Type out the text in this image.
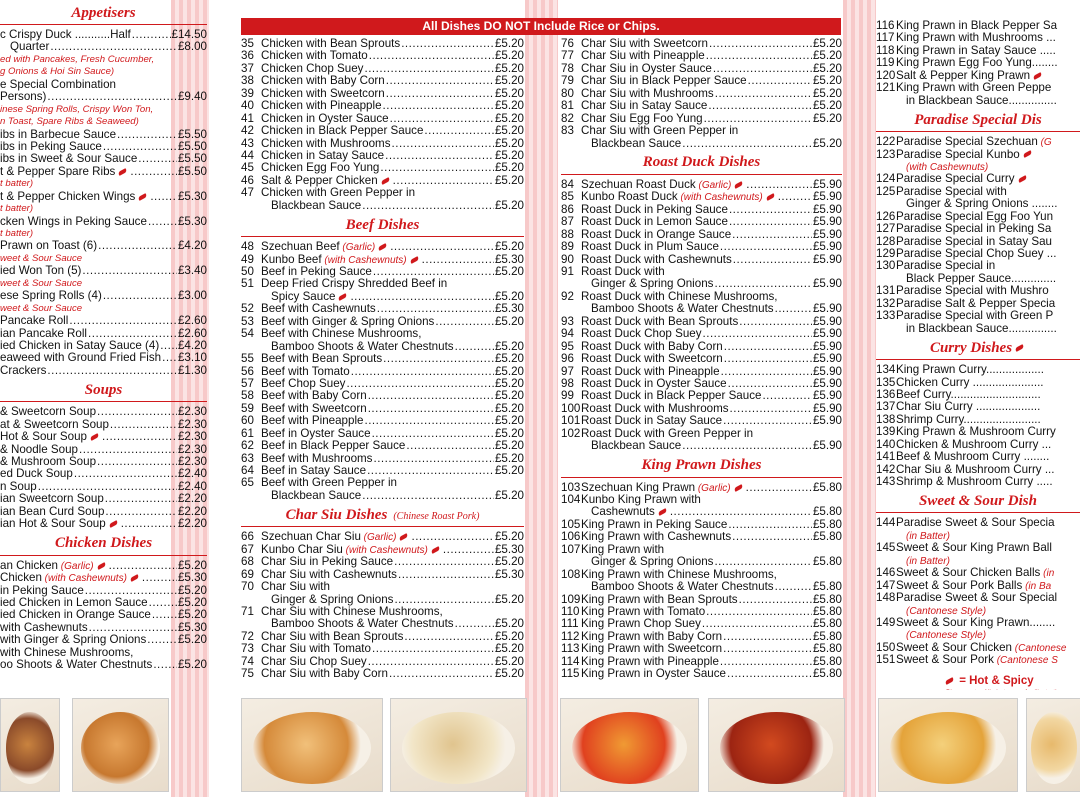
Appetisers
c Crispy Duck ...........Half .....	£14.50
Quarter .....	£8.00
ed with Pancakes, Fresh Cucumber,
g Onions & Hoi Sin Sauce)
e Special Combination
Persons) .....	£9.40
inese Spring Rolls, Crispy Won Ton,
n Toast, Spare Ribs & Seaweed)
ibs in Barbecue Sauce .....	£5.50
ibs in Peking Sauce .....	£5.50
ibs in Sweet & Sour Sauce .....	£5.50
t & Pepper Spare Ribs .....	£5.50
t batter)
t & Pepper Chicken Wings .....	£5.30
t batter)
cken Wings in Peking Sauce .....	£5.30
t batter)
Prawn on Toast (6) .....	£4.20
weet & Sour Sauce
ied Won Ton (5) .....	£3.40
weet & Sour Sauce
ese Spring Rolls (4) .....	£3.00
weet & Sour Sauce
Pancake Roll .....	£2.60
ian Pancake Roll .....	£2.60
ied Chicken in Satay Sauce (4) ..... £4.20
eaweed with Ground Fried Fish ..... £3.10
Crackers .....	£1.30
Soups
& Sweetcorn Soup .....	£2.30
at & Sweetcorn Soup .....	£2.30
Hot & Sour Soup .....	£2.30
& Noodle Soup .....	£2.30
& Mushroom Soup .....	£2.30
ed Duck Soup .....	£2.40
n Soup .....	£2.40
ian Sweetcorn Soup .....	£2.20
ian Bean Curd Soup .....	£2.20
ian Hot & Sour Soup .....	£2.20
Chicken Dishes
an Chicken (Garlic) .....	£5.20
Chicken (with Cashewnuts) .....	£5.30
in Peking Sauce .....	£5.20
ied Chicken in Lemon Sauce .....	£5.20
ied Chicken in Orange Sauce ..... £5.20
with Cashewnuts .....	£5.30
with Ginger & Spring Onions .....	£5.20
with Chinese Mushrooms,
oo Shoots & Water Chestnuts ..... £5.20
35 Chicken with Bean Sprouts .....	£5.20
36 Chicken with Tomato .....	£5.20
37 Chicken Chop Suey .....	£5.20
38 Chicken with Baby Corn .....	£5.20
39 Chicken with Sweetcorn .....	£5.20
40 Chicken with Pineapple .....	£5.20
41 Chicken in Oyster Sauce .....	£5.20
42 Chicken in Black Pepper Sauce .....	£5.20
43 Chicken with Mushrooms .....	£5.20
44 Chicken in Satay Sauce .....	£5.20
45 Chicken Egg Foo Yung .....	£5.20
46 Salt & Pepper Chicken .....	£5.20
47 Chicken with Green Pepper in
Blackbean Sauce .....	£5.20
Beef Dishes
48 Szechuan Beef (Garlic) .....	£5.20
49 Kunbo Beef (with Cashewnuts) .....	£5.30
50 Beef in Peking Sauce .....	£5.20
51 Deep Fried Crispy Shredded Beef in
Spicy Sauce .....	£5.20
52 Beef with Cashewnuts .....	£5.30
53 Beef with Ginger & Spring Onions .....	£5.20
54 Beef with Chinese Mushrooms,
Bamboo Shoots & Water Chestnuts .....	£5.20
55 Beef with Bean Sprouts .....	£5.20
56 Beef with Tomato .....	£5.20
57 Beef Chop Suey .....	£5.20
58 Beef with Baby Corn .....	£5.20
59 Beef with Sweetcorn .....	£5.20
60 Beef with Pineapple .....	£5.20
61 Beef in Oyster Sauce .....	£5.20
62 Beef in Black Pepper Sauce .....	£5.20
63 Beef with Mushrooms .....	£5.20
64 Beef in Satay Sauce .....	£5.20
65 Beef with Green Pepper in
Blackbean Sauce .....	£5.20
Char Siu Dishes (Chinese Roast Pork)
66 Szechuan Char Siu (Garlic) .....	£5.20
67 Kunbo Char Siu (with Cashewnuts) .....	£5.30
68 Char Siu in Peking Sauce .....	£5.20
69 Char Siu with Cashewnuts .....	£5.30
70 Char Siu with
Ginger & Spring Onions .....	£5.20
71 Char Siu with Chinese Mushrooms,
Bamboo Shoots & Water Chestnuts .....	£5.20
72 Char Siu with Bean Sprouts .....	£5.20
73 Char Siu with Tomato .....	£5.20
74 Char Siu Chop Suey .....	£5.20
75 Char Siu with Baby Corn .....	£5.20
76 Char Siu with Sweetcorn .....	£5.20
77 Char Siu with Pineapple .....	£5.20
78 Char Siu in Oyster Sauce .....	£5.20
79 Char Siu in Black Pepper Sauce .....	£5.20
80 Char Siu with Mushrooms .....	£5.20
81 Char Siu in Satay Sauce .....	£5.20
82 Char Siu Egg Foo Yung .....	£5.20
83 Char Siu with Green Pepper in
Blackbean Sauce .....	£5.20
Roast Duck Dishes
84 Szechuan Roast Duck (Garlic) .....	£5.90
85 Kunbo Roast Duck (with Cashewnuts) .....	£5.90
86 Roast Duck in Peking Sauce .....	£5.90
87 Roast Duck in Lemon Sauce .....	£5.90
88 Roast Duck in Orange Sauce .....	£5.90
89 Roast Duck in Plum Sauce .....	£5.90
90 Roast Duck with Cashewnuts .....	£5.90
91 Roast Duck with
Ginger & Spring Onions .....	£5.90
92 Roast Duck with Chinese Mushrooms,
Bamboo Shoots & Water Chestnuts .....	£5.90
93 Roast Duck with Bean Sprouts .....	£5.90
94 Roast Duck Chop Suey .....	£5.90
95 Roast Duck with Baby Corn .....	£5.90
96 Roast Duck with Sweetcorn .....	£5.90
97 Roast Duck with Pineapple .....	£5.90
98 Roast Duck in Oyster Sauce .....	£5.90
99 Roast Duck in Black Pepper Sauce .....	£5.90
100 Roast Duck with Mushrooms .....	£5.90
101 Roast Duck in Satay Sauce .....	£5.90
102 Roast Duck with Green Pepper in
Blackbean Sauce .....	£5.90
King Prawn Dishes
103 Szechuan King Prawn (Garlic) .....	£5.80
104 Kunbo King Prawn with
Cashewnuts .....	£5.80
105 King Prawn in Peking Sauce .....	£5.80
106 King Prawn with Cashewnuts .....	£5.80
107 King Prawn with
Ginger & Spring Onions .....	£5.80
108 King Prawn with Chinese Mushrooms,
Bamboo Shoots & Water Chestnuts .....	£5.80
109 King Prawn with Bean Sprouts .....	£5.80
110 King Prawn with Tomato .....	£5.80
111 King Prawn Chop Suey .....	£5.80
112 King Prawn with Baby Corn .....	£5.80
113 King Prawn with Sweetcorn .....	£5.80
114 King Prawn with Pineapple .....	£5.80
115 King Prawn in Oyster Sauce .....	£5.80
116 King Prawn in Black Pepper Sa
117 King Prawn with Mushrooms ...
118 King Prawn in Satay Sauce .....
119 King Prawn Egg Foo Yung........
120 Salt & Pepper King Prawn
121 King Prawn with Green Peppe
in Blackbean Sauce...............
Paradise Special Dis
122 Paradise Special Szechuan (G
123 Paradise Special Kunbo
(with Cashewnuts)
124 Paradise Special Curry
125 Paradise Special with
Ginger & Spring Onions ........
126 Paradise Special Egg Foo Yun
127 Paradise Special in Peking Sa
128 Paradise Special in Satay Sau
129 Paradise Special Chop Suey ...
130 Paradise Special in
Black Pepper Sauce..............
131 Paradise Special with Mushro
132 Paradise Salt & Pepper Specia
133 Paradise Special with Green P
in Blackbean Sauce...............
Curry Dishes
134 King Prawn Curry..................
135 Chicken Curry ......................
136 Beef Curry............................
137 Char Siu Curry ....................
138 Shrimp Curry........................
139 King Prawn & Mushroom Curry
140 Chicken & Mushroom Curry ...
141 Beef & Mushroom Curry ........
142 Char Siu & Mushroom Curry ...
143 Shrimp & Mushroom Curry .....
Sweet & Sour Dish
144 Paradise Sweet & Sour Specia
(in Batter)
145 Sweet & Sour King Prawn Ball
(in Batter)
146 Sweet & Sour Chicken Balls (in
147 Sweet & Sour Pork Balls (in Ba
148 Paradise Sweet & Sour Special
(Cantonese Style)
149 Sweet & Sour King Prawn........
(Cantonese Style)
150 Sweet & Sour Chicken (Cantonese
151 Sweet & Sour Pork (Cantonese S
= Hot & Spicy
All Dishes DO NOT Include Rice or Chips.
